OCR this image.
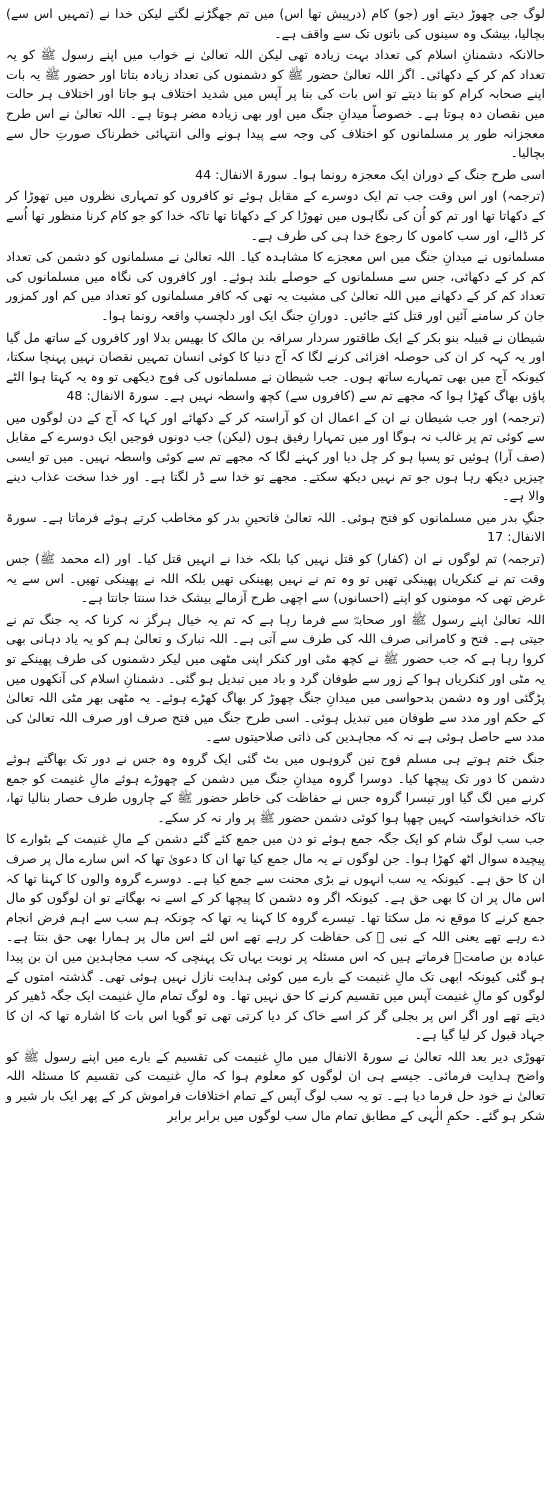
لوگ جی چھوڑ دیتے اور (جو) کام (درپیش تھا اس) میں تم جھگڑنے لگتے لیکن خدا نے (تمہیں اس سے) بچالیا، بیشک وہ سینوں کی باتوں تک سے واقف ہے۔

حالانکہ دشمنانِ اسلام کی تعداد بہت زیادہ تھی لیکن اللہ تعالیٰ نے خواب میں اپنے رسول ﷺ کو یہ تعداد کم کر کے دکھائی۔ اگر اللہ تعالیٰ حضور ﷺ کو دشمنوں کی تعداد زیادہ بتاتا اور حضور ﷺ یہ بات اپنے صحابہ کرام کو بتا دیتے تو اس بات کی بنا پر آپس میں شدید اختلاف ہو جاتا اور اختلاف ہر حالت میں نقصان دہ ہوتا ہے۔ خصوصاً میدانِ جنگ میں اور بھی زیادہ مضر ہوتا ہے۔ اللہ تعالیٰ نے اس طرح معجزانہ طور پر مسلمانوں کو اختلاف کی وجہ سے پیدا ہونے والی انتہائی خطرناک صورتِ حال سے بچالیا۔

اسی طرح جنگ کے دوران ایک معجزہ رونما ہوا۔ سورۃ الانفال: 44

(ترجمہ) اور اس وقت جب تم ایک دوسرے کے مقابل ہوئے تو کافروں کو تمہاری نظروں میں تھوڑا کر کے دکھاتا تھا اور تم کو اُن کی نگاہوں میں تھوڑا کر کے دکھاتا تھا تاکہ خدا کو جو کام کرنا منظور تھا اُسے کر ڈالے، اور سب کاموں کا رجوع خدا ہی کی طرف ہے۔

مسلمانوں نے میدانِ جنگ میں اس معجزے کا مشاہدہ کیا۔ اللہ تعالیٰ نے مسلمانوں کو دشمن کی تعداد کم کر کے دکھائی، جس سے مسلمانوں کے حوصلے بلند ہوئے۔ اور کافروں کی نگاہ میں مسلمانوں کی تعداد کم کر کے دکھانے میں اللہ تعالیٰ کی مشیت یہ تھی کہ کافر مسلمانوں کو تعداد میں کم اور کمزور جان کر سامنے آئیں اور قتل کئے جائیں۔ دورانِ جنگ ایک اور دلچسپ واقعہ رونما ہوا۔

شیطان نے قبیلہ بنو بکر کے ایک طاقتور سردار سراقہ بن مالک کا بھیس بدلا اور کافروں کے ساتھ مل گیا اور یہ کہہ کر ان کی حوصلہ افزائی کرنے لگا کہ آج دنیا کا کوئی انسان تمہیں نقصان نہیں پہنچا سکتا، کیونکہ آج میں بھی تمہارے ساتھ ہوں۔ جب شیطان نے مسلمانوں کی فوج دیکھی تو وہ یہ کہتا ہوا الٹے پاؤں بھاگ کھڑا ہوا کہ مجھے تم سے (کافروں سے) کچھ واسطہ نہیں ہے۔ سورۃ الانفال: 48

(ترجمہ) اور جب شیطان نے ان کے اعمال ان کو آراستہ کر کے دکھائے اور کہا کہ آج کے دن لوگوں میں سے کوئی تم پر غالب نہ ہوگا اور میں تمہارا رفیق ہوں (لیکن) جب دونوں فوجیں ایک دوسرے کے مقابل (صف آرا) ہوئیں تو پسپا ہو کر چل دیا اور کہنے لگا کہ مجھے تم سے کوئی واسطہ نہیں۔ میں تو ایسی چیزیں دیکھ رہا ہوں جو تم نہیں دیکھ سکتے۔ مجھے تو خدا سے ڈر لگتا ہے۔ اور خدا سخت عذاب دینے والا ہے۔

جنگِ بدر میں مسلمانوں کو فتح ہوئی۔ اللہ تعالیٰ فاتحینِ بدر کو مخاطب کرتے ہوئے فرماتا ہے۔ سورۃ الانفال: 17

(ترجمہ) تم لوگوں نے ان (کفار) کو قتل نہیں کیا بلکہ خدا نے انہیں قتل کیا۔ اور (اے محمد ﷺ) جس وقت تم نے کنکریاں پھینکی تھیں تو وہ تم نے نہیں پھینکی تھیں بلکہ اللہ نے پھینکی تھیں۔ اس سے یہ غرض تھی کہ مومنوں کو اپنے (احسانوں) سے اچھی طرح آزمالے بیشک خدا سنتا جانتا ہے۔

اللہ تعالیٰ اپنے رسول ﷺ اور صحابہؓ سے فرما رہا ہے کہ تم یہ خیال ہرگز نہ کرنا کہ یہ جنگ تم نے جیتی ہے۔ فتح و کامرانی صرف اللہ کی طرف سے آتی ہے۔ اللہ تبارک و تعالیٰ ہم کو یہ یاد دہانی بھی کروا رہا ہے کہ جب حضور ﷺ نے کچھ مٹی اور کنکر اپنی مٹھی میں لیکر دشمنوں کی طرف پھینکے تو یہ مٹی اور کنکریاں ہوا کے زور سے طوفان گرد و باد میں تبدیل ہو گئی۔ دشمنانِ اسلام کی آنکھوں میں پڑگئی اور وہ دشمن بدحواسی میں میدانِ جنگ چھوڑ کر بھاگ کھڑے ہوئے۔ یہ مٹھی بھر مٹی اللہ تعالیٰ کے حکم اور مدد سے طوفان میں تبدیل ہوئی۔ اسی طرح جنگ میں فتح صرف اور صرف اللہ تعالیٰ کی مدد سے حاصل ہوئی ہے نہ کہ مجاہدین کی ذاتی صلاحیتوں سے۔

جنگ ختم ہوتے ہی مسلم فوج تین گروہوں میں بٹ گئی ایک گروہ وہ جس نے دور تک بھاگتے ہوئے دشمن کا دور تک پیچھا کیا۔ دوسرا گروہ میدانِ جنگ میں دشمن کے چھوڑے ہوئے مالِ غنیمت کو جمع کرنے میں لگ گیا اور تیسرا گروہ جس نے حفاظت کی خاطر حضور ﷺ کے چاروں طرف حصار بنالیا تھا، تاکہ خدانخواستہ کہیں چھپا ہوا کوئی دشمن حضور ﷺ پر وار نہ کر سکے۔

جب سب لوگ شام کو ایک جگہ جمع ہوئے تو دن میں جمع کئے گئے دشمن کے مالِ غنیمت کے بٹوارے کا پیچیدہ سوال اٹھ کھڑا ہوا۔ جن لوگوں نے یہ مال جمع کیا تھا ان کا دعویٰ تھا کہ اس سارے مال پر صرف ان کا حق ہے۔ کیونکہ یہ سب انہوں نے بڑی محنت سے جمع کیا ہے۔ دوسرے گروہ والوں کا کہنا تھا کہ اس مال پر ان کا بھی حق ہے۔ کیونکہ اگر وہ دشمن کا پیچھا کر کے اسے نہ بھگاتے تو ان لوگوں کو مال جمع کرنے کا موقع نہ مل سکتا تھا۔ تیسرے گروہ کا کہنا یہ تھا کہ چونکہ ہم سب سے اہم فرض انجام دے رہے تھے یعنی اللہ کے نبی ﷺ کی حفاظت کر رہے تھے اس لئے اس مال پر ہمارا بھی حق بنتا ہے۔ عبادہ بن صامتؓ فرماتے ہیں کہ اس مسئلہ پر نوبت یہاں تک پہنچی کہ سب مجاہدین میں ان بن پیدا ہو گئی کیونکہ ابھی تک مالِ غنیمت کے بارے میں کوئی ہدایت نازل نہیں ہوئی تھی۔ گذشتہ امتوں کے لوگوں کو مالِ غنیمت آپس میں تقسیم کرنے کا حق نہیں تھا۔ وہ لوگ تمام مالِ غنیمت ایک جگہ ڈھیر کر دیتے تھے اور اگر اس پر بجلی گر کر اسے خاک کر دیا کرتی تھی تو گویا اس بات کا اشارہ تھا کہ ان کا جہاد قبول کر لیا گیا ہے۔

تھوڑی دیر بعد اللہ تعالیٰ نے سورۃ الانفال میں مالِ غنیمت کی تقسیم کے بارے میں اپنے رسول ﷺ کو واضح ہدایت فرمائی۔ جیسے ہی ان لوگوں کو معلوم ہوا کہ مالِ غنیمت کی تقسیم کا مسئلہ اللہ تعالیٰ نے خود حل فرما دیا ہے۔ تو یہ سب لوگ آپس کے تمام اختلافات فراموش کر کے پھر ایک بار شیر و شکر ہو گئے۔ حکمِ الٰہی کے مطابق تمام مال سب لوگوں میں برابر برابر
